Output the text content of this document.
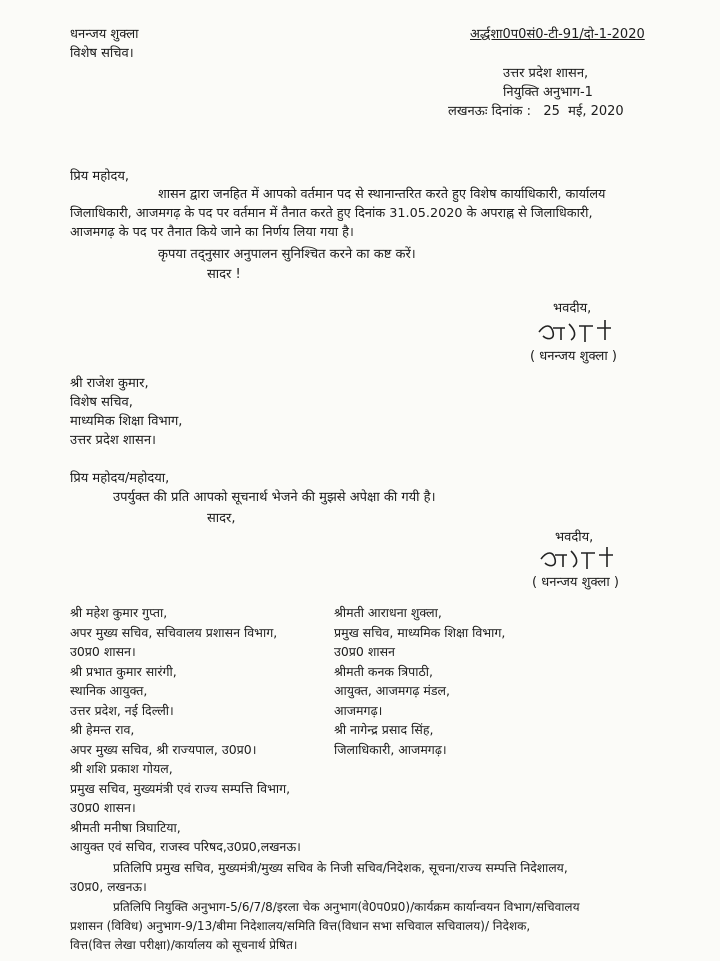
धनन्जय शुक्ला
विशेष सचिव।
अर्द्धशा0प0सं0-टी-91/दो-1-2020
उत्तर प्रदेश शासन,
नियुक्ति अनुभाग-1
लखनऊः दिनांक :   25  मई, 2020
प्रिय महोदय,
शासन द्वारा जनहित में आपको वर्तमान पद से स्थानान्तरित करते हुए विशेष कार्याधिकारी, कार्यालय
जिलाधिकारी, आजमगढ़ के पद पर वर्तमान में तैनात करते हुए दिनांक 31.05.2020 के अपराह्न से जिलाधिकारी,
आजमगढ़ के पद पर तैनात किये जाने का निर्णय लिया गया है।
कृपया तद्नुसार अनुपालन सुनिश्चित करने का कष्ट करें।
सादर !
भवदीय,
( धनन्जय शुक्ला )
श्री राजेश कुमार,
विशेष सचिव,
माध्यमिक शिक्षा विभाग,
उत्तर प्रदेश शासन।
प्रिय महोदय/महोदया,
उपर्युक्त की प्रति आपको सूचनार्थ भेजने की मुझसे अपेक्षा की गयी है।
सादर,
भवदीय,
( धनन्जय शुक्ला )
श्री महेश कुमार गुप्ता,
अपर मुख्य सचिव, सचिवालय प्रशासन विभाग,
उ0प्र0 शासन।
श्री प्रभात कुमार सारंगी,
स्थानिक आयुक्त,
उत्तर प्रदेश, नई दिल्ली।
श्री हेमन्त राव,
अपर मुख्य सचिव, श्री राज्यपाल, उ0प्र0।
श्री शशि प्रकाश गोयल,
प्रमुख सचिव, मुख्यमंत्री एवं राज्य सम्पत्ति विभाग,
उ0प्र0 शासन।
श्रीमती मनीषा त्रिघाटिया,
आयुक्त एवं सचिव, राजस्व परिषद,उ0प्र0,लखनऊ।
श्रीमती आराधना शुक्ला,
प्रमुख सचिव, माध्यमिक शिक्षा विभाग,
उ0प्र0 शासन
श्रीमती कनक त्रिपाठी,
आयुक्त, आजमगढ़ मंडल,
आजमगढ़।
श्री नागेन्द्र प्रसाद सिंह,
जिलाधिकारी, आजमगढ़।
प्रतिलिपि प्रमुख सचिव, मुख्यमंत्री/मुख्य सचिव के निजी सचिव/निदेशक, सूचना/राज्य सम्पत्ति निदेशालय,
उ0प्र0, लखनऊ।
प्रतिलिपि नियुक्ति अनुभाग-5/6/7/8/इरला चेक अनुभाग(वे0प0प्र0)/कार्यक्रम कार्यान्वयन विभाग/सचिवालय
प्रशासन (विविध) अनुभाग-9/13/बीमा निदेशालय/समिति वित्त(विधान सभा सचिवाल सचिवालय)/ निदेशक,
वित्त(वित्त लेखा परीक्षा)/कार्यालय को सूचनार्थ प्रेषित।
